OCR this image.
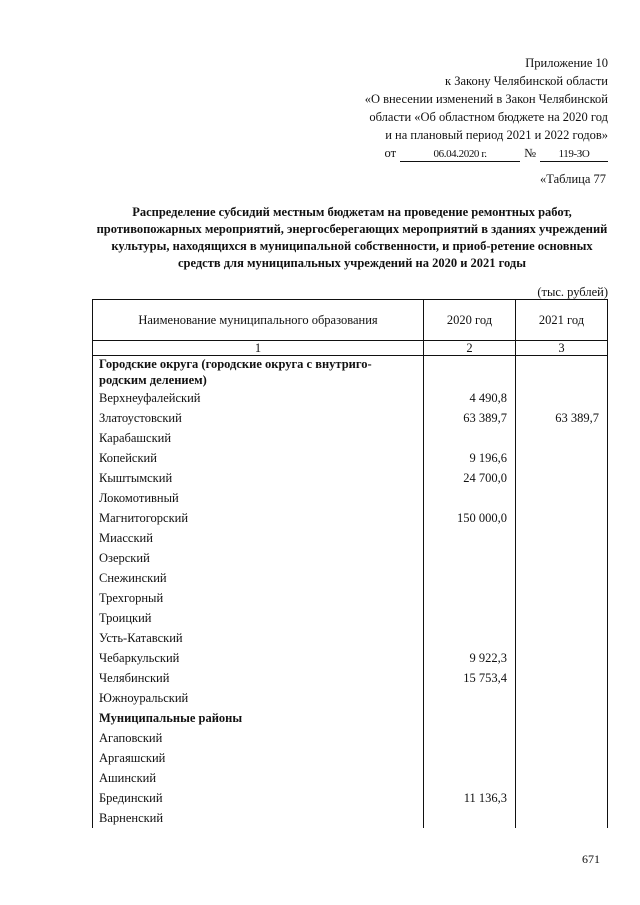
Приложение 10
к Закону Челябинской области
«О внесении изменений в Закон Челябинской
области «Об областном бюджете на 2020 год
и на плановый период 2021 и 2022 годов»
от	06.04.2020 г.	№	119-ЗО
«Таблица 77
Распределение субсидий местным бюджетам на проведение ремонтных работ, противопожарных мероприятий, энергосберегающих мероприятий в зданиях учреждений культуры, находящихся в муниципальной собственности, и приоб-ретение основных средств для муниципальных учреждений на 2020 и 2021 годы
(тыс. рублей)
Наименование муниципального образования	2020 год	2021 год
1	2	3
Городские округа (городские округа с внутриго-родским делением)		
Верхнеуфалейский	4 490,8	
Златоустовский	63 389,7	63 389,7
Карабашский		
Копейский	9 196,6	
Кыштымский	24 700,0	
Локомотивный		
Магнитогорский	150 000,0	
Миасский		
Озерский		
Снежинский		
Трехгорный		
Троицкий		
Усть-Катавский		
Чебаркульский	9 922,3	
Челябинский	15 753,4	
Южноуральский		
Муниципальные районы		
Агаповский		
Аргаяшский		
Ашинский		
Брединский	11 136,3	
Варненский		
671
